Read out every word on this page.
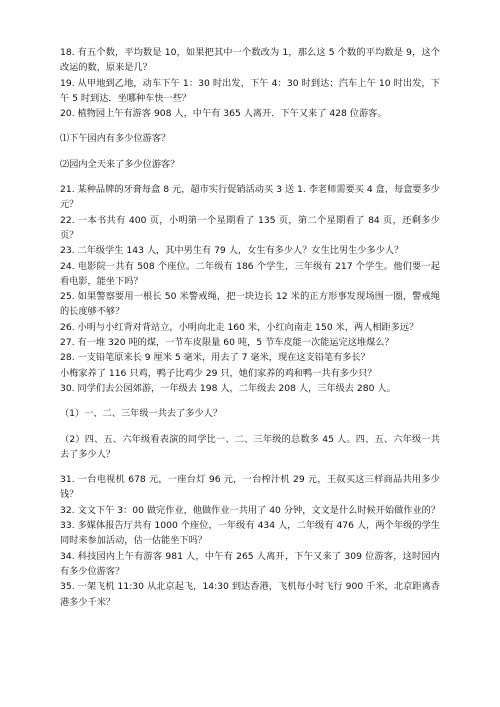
18. 有五个数，平均数是 10，如果把其中一个数改为 1，那么这 5 个数的平均数是 9，这个改运的数，原来是几？

19. 从甲地到乙地，动车下午 1：30 时出发，下午 4：30 时到达；汽车上午 10 时出发，下午 5 时到达．坐哪种车快一些？

20. 植物园上午有游客 908 人，中午有 365 人离开．下午又来了 428 位游客。

⑴下午园内有多少位游客？

⑵园内全天来了多少位游客？

21. 某种品牌的牙膏每盒 8 元，超市实行促销活动买 3 送 1. 李老师需要买 4 盒，每盒要多少元？

22. 一本书共有 400 页，小明第一个星期看了 135 页，第二个星期看了 84 页，还剩多少页？

23. 二年级学生 143 人，其中男生有 79 人，女生有多少人？女生比男生少多少人？

24. 电影院一共有 508 个座位。二年级有 186 个学生，三年级有 217 个学生。他们要一起看电影，能坐下吗？

25. 如果警察要用一根长 50 米警戒绳，把一块边长 12 米的正方形事发现场围一圈，警戒绳的长度够不够？

26. 小明与小红背对背站立，小明向北走 160 米，小红向南走 150 米，两人相距多远？

27. 有一堆 320 吨的煤，一节车皮限量 60 吨，5 节车皮能一次能运完这堆煤么？

28. 一支铅笔原来长 9 厘米 5 毫米，用去了 7 毫米，现在这支铅笔有多长？

小梅家养了 116 只鸡，鸭子比鸡少 29 只，她们家养的鸡和鸭一共有多少只？

30. 同学们去公园郊游，一年级去 198 人，二年级去 208 人，三年级去 280 人。

（1）一、二、三年级一共去了多少人？

（2）四、五、六年级看表演的同学比一、二、三年级的总数多 45 人。四、五、六年级一共去了多少人？

31. 一台电视机 678 元，一座台灯 96 元，一台榨汁机 29 元，王叔买这三样商品共用多少钱？

32. 文文下午 3：00 做完作业，他做作业一共用了 40 分钟，文文是什么时候开始做作业的？

33. 多媒体报告厅共有 1000 个座位，一年级有 434 人，二年级有 476 人，两个年级的学生同时来参加活动，估一估能坐下吗？

34. 科技园内上午有游客 981 人，中午有 265 人离开，下午又来了 309 位游客，这时园内有多少位游客？

35. 一架飞机 11:30 从北京起飞，14:30 到达香港，飞机每小时飞行 900 千米，北京距离香港多少千米？
